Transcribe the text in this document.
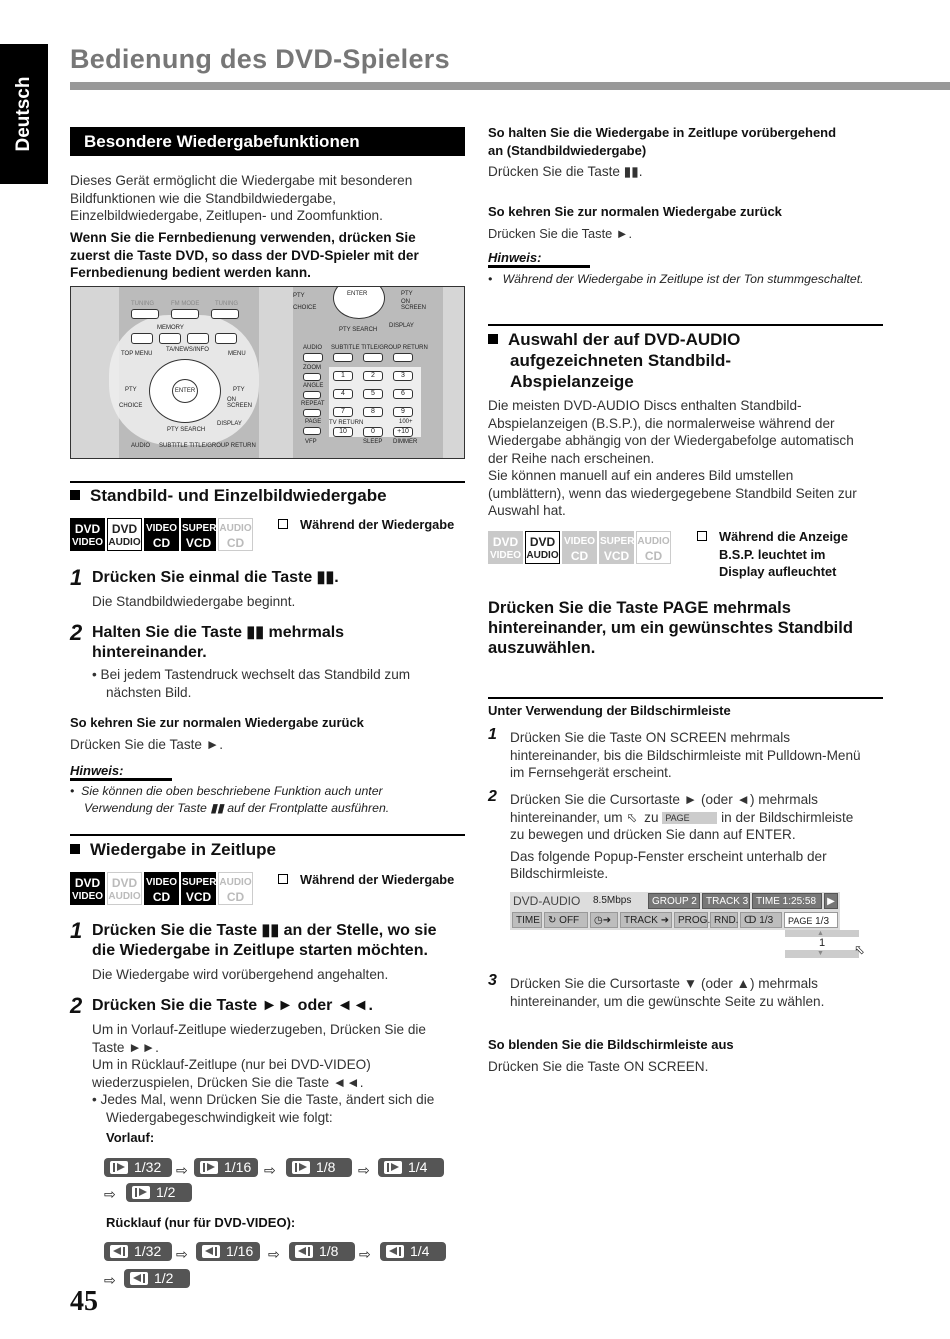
Deutsch
Bedienung des DVD-Spielers
Besondere Wiedergabefunktionen
Dieses Gerät ermöglicht die Wiedergabe mit besonderen
Bildfunktionen wie die Standbildwiedergabe,
Einzelbildwiedergabe, Zeitlupen- und Zoomfunktion.
Wenn Sie die Fernbedienung verwenden, drücken Sie
zuerst die Taste DVD, so dass der DVD-Spieler mit der
Fernbedienung bedient werden kann.
TUNING	FM MODE	TUNING
MEMORY
TOP MENU
TA/NEWS/INFO
MENU
ENTER
PTY	PTY
CHOICE
ON SCREEN
DISPLAY
PTY SEARCH
AUDIO SUBTITLE TITLE/GROUP RETURN
PTY	ENTER	PTY
CHOICE
ON SCREEN
PTY SEARCH
DISPLAY
AUDIO SUBTITLE TITLE/GROUP RETURN
ZOOM
ANGLE
REPEAT
PAGE TV RETURN
VFP	SLEEP DIMMER
100+
1	2	3
4	5	6
7	8	9
10	0	+10
Standbild- und Einzelbildwiedergabe
DVD
VIDEO
DVD
AUDIO
VIDEO
CD
SUPER
VCD
AUDIO
CD
Während der Wiedergabe
1 Drücken Sie einmal die Taste ▮▮.
Die Standbildwiedergabe beginnt.
2 Halten Sie die Taste ▮▮ mehrmals
hintereinander.
• Bei jedem Tastendruck wechselt das Standbild zum
nächsten Bild.
So kehren Sie zur normalen Wiedergabe zurück
Drücken Sie die Taste ►.
Hinweis:
•  Sie können die oben beschriebene Funktion auch unter
Verwendung der Taste ▮▮ auf der Frontplatte ausführen.
Wiedergabe in Zeitlupe
DVD
VIDEO
DVD
AUDIO
VIDEO
CD
SUPER
VCD
AUDIO
CD
Während der Wiedergabe
1 Drücken Sie die Taste ▮▮ an der Stelle, wo sie
die Wiedergabe in Zeitlupe starten möchten.
Die Wiedergabe wird vorübergehend angehalten.
2 Drücken Sie die Taste ►► oder ◄◄.
Um in Vorlauf-Zeitlupe wiederzugeben, Drücken Sie die
Taste ►►.
Um in Rücklauf-Zeitlupe (nur bei DVD-VIDEO)
wiederzuspielen, Drücken Sie die Taste ◄◄.
• Jedes Mal, wenn Drücken Sie die Taste, ändert sich die
Wiedergabegeschwindigkeit wie folgt:
Vorlauf:
1/32	⇨	1/16 ⇨	1/8	⇨	1/4
⇨	1/2
Rücklauf (nur für DVD-VIDEO):
1/32	⇨	1/16	⇨	1/8	⇨	1/4
⇨	1/2
45
So halten Sie die Wiedergabe in Zeitlupe vorübergehend
an (Standbildwiedergabe)
Drücken Sie die Taste ▮▮.
So kehren Sie zur normalen Wiedergabe zurück
Drücken Sie die Taste ►.
Hinweis:
•   Während der Wiedergabe in Zeitlupe ist der Ton stummgeschaltet.
Auswahl der auf DVD-AUDIO
aufgezeichneten Standbild-
Abspielanzeige
Die meisten DVD-AUDIO Discs enthalten Standbild-
Abspielanzeigen (B.S.P.), die normalerweise während der
Wiedergabe abhängig von der Wiedergabefolge automatisch
der Reihe nach erscheinen.
Sie können manuell auf ein anderes Bild umstellen
(umblättern), wenn das wiedergegebene Standbild Seiten zur
Auswahl hat.
DVD
VIDEO
DVD
AUDIO
VIDEO
CD
SUPER
VCD
AUDIO
CD
Während die Anzeige
B.S.P. leuchtet im
Display aufleuchtet
Drücken Sie die Taste PAGE mehrmals
hintereinander, um ein gewünschtes Standbild
auszuwählen.
Unter Verwendung der Bildschirmleiste
1 Drücken Sie die Taste ON SCREEN mehrmals
hintereinander, bis die Bildschirmleiste mit Pulldown-Menü
im Fernsehgerät erscheint.
2 Drücken Sie die Cursortaste ► (oder ◄) mehrmals
hintereinander, um ⬁ zu PAGE in der Bildschirmleiste
zu bewegen und drücken Sie dann auf ENTER.
Das folgende Popup-Fenster erscheint unterhalb der
Bildschirmleiste.
DVD-AUDIO	8.5Mbps	GROUP 2 TRACK 3 TIME 1:25:58	▶
TIME ↻ OFF	◷➜	TRACK ➜ PROG. RND. ↀ 1/3	PAGE 1/3
▲
1
▼ ⬁
3 Drücken Sie die Cursortaste ▼ (oder ▲) mehrmals
hintereinander, um die gewünschte Seite zu wählen.
So blenden Sie die Bildschirmleiste aus
Drücken Sie die Taste ON SCREEN.
